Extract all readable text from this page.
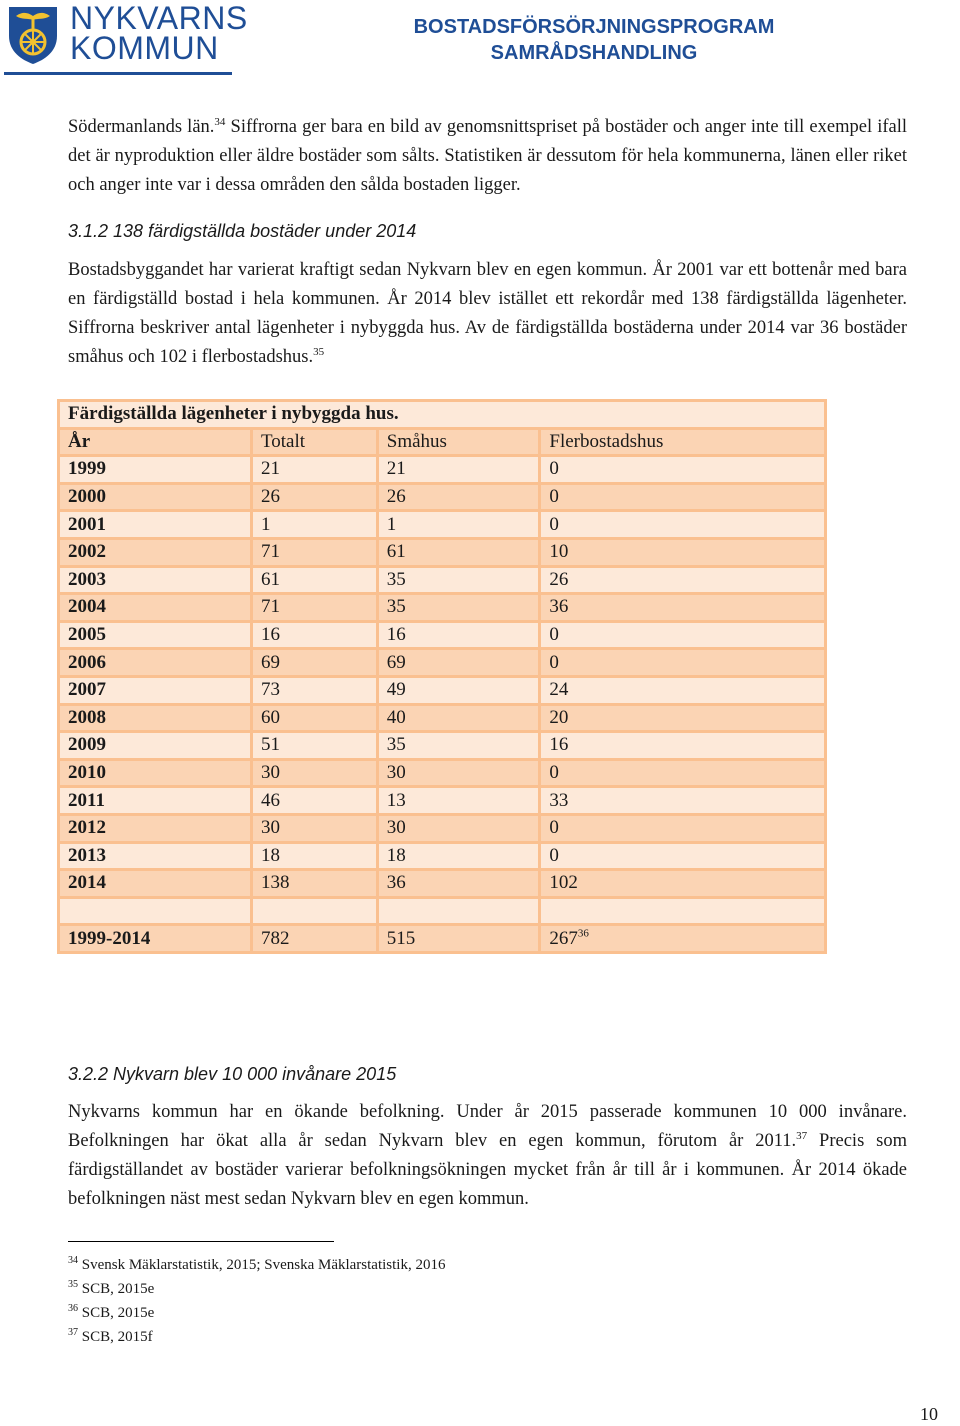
NYKVARNS
KOMMUN
BOSTADSFÖRSÖRJNINGSPROGRAM
SAMRÅDSHANDLING

Södermanlands län.$^{34}$ Siffrorna ger bara en bild av genomsnittspriset på bostäder och anger inte till exempel ifall det är nyproduktion eller äldre bostäder som sålts. Statistiken är dessutom för hela kommunerna, länen eller riket och anger inte var i dessa områden den sålda bostaden ligger.

3.1.2 138 färdigställda bostäder under 2014

Bostadsbyggandet har varierat kraftigt sedan Nykvarn blev en egen kommun. År 2001 var ett bottenår med bara en färdigställd bostad i hela kommunen. År 2014 blev istället ett rekordår med 138 färdigställda lägenheter. Siffrorna beskriver antal lägenheter i nybyggda hus. Av de färdigställda bostäderna under 2014 var 36 bostäder småhus och 102 i flerbostadshus.$^{35}$

Färdigställda lägenheter i nybyggda hus.			
År	Totalt	Småhus	Flerbostadshus
1999	21	21	0
2000	26	26	0
2001	1	1	0
2002	71	61	10
2003	61	35	26
2004	71	35	36
2005	16	16	0
2006	69	69	0
2007	73	49	24
2008	60	40	20
2009	51	35	16
2010	30	30	0
2011	46	13	33
2012	30	30	0
2013	18	18	0
2014	138	36	102

1999-2014	782	515	$267^{36}$
3.2.2 Nykvarn blev 10 000 invånare 2015

Nykvarns kommun har en ökande befolkning. Under år 2015 passerade kommunen 10 000 invånare. Befolkningen har ökat alla år sedan Nykvarn blev en egen kommun, förutom år 2011.37 Precis som färdigställandet av bostäder varierar befolkningsökningen mycket från år till år i kommunen. År 2014 ökade befolkningen näst mest sedan Nykvarn blev en egen kommun.

$^{34}$ Svensk Mäklarstatistik, 2015; Svenska Mäklarstatistik, 2016
$^{35}$ SCB, 2015e
$^{36}$ SCB, 2015e
$^{37}$ SCB, 2015f
10
